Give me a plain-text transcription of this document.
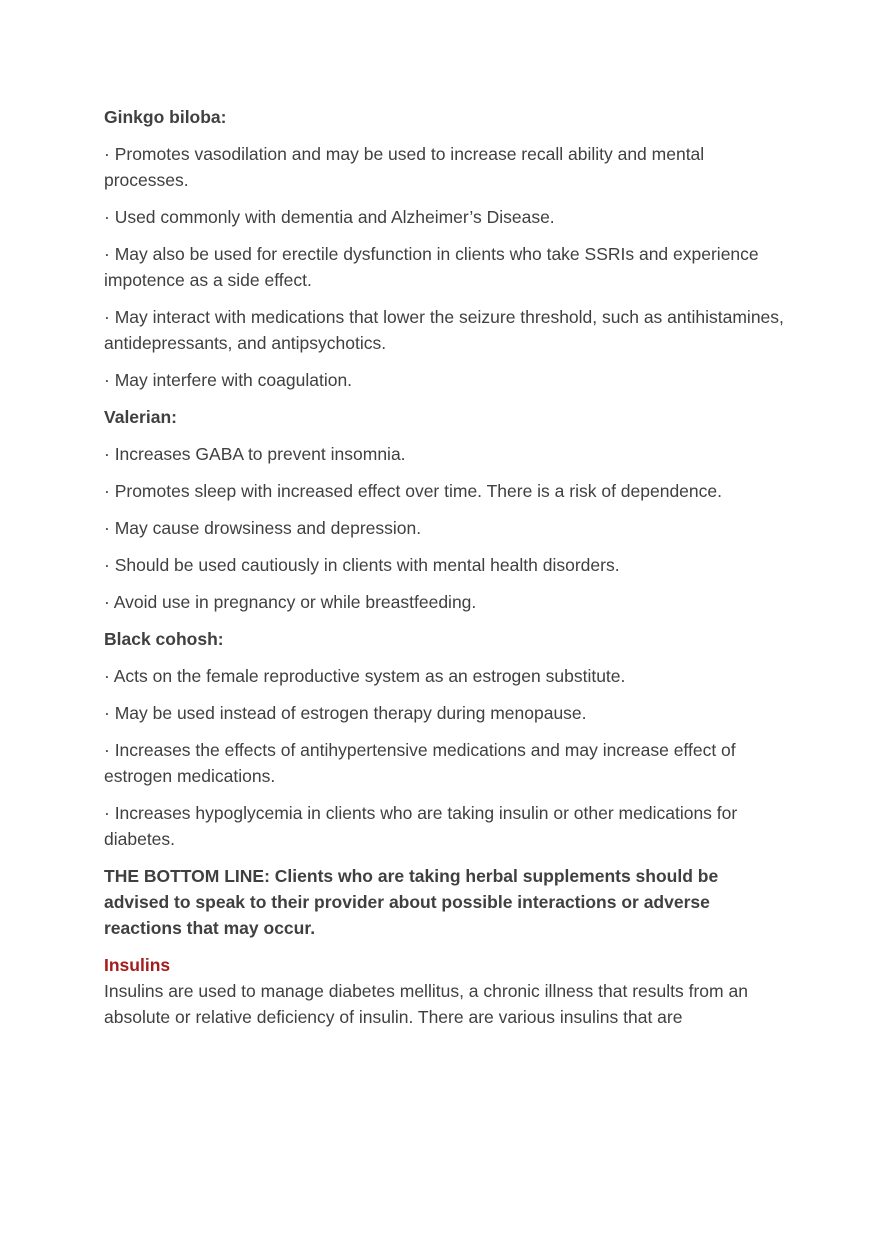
Ginkgo biloba:

· Promotes vasodilation and may be used to increase recall ability and mental processes.

· Used commonly with dementia and Alzheimer’s Disease.

· May also be used for erectile dysfunction in clients who take SSRIs and experience impotence as a side effect.

· May interact with medications that lower the seizure threshold, such as antihistamines, antidepressants, and antipsychotics.

· May interfere with coagulation.

Valerian:

· Increases GABA to prevent insomnia.

· Promotes sleep with increased effect over time. There is a risk of dependence.

· May cause drowsiness and depression.

· Should be used cautiously in clients with mental health disorders.

· Avoid use in pregnancy or while breastfeeding.

Black cohosh:

· Acts on the female reproductive system as an estrogen substitute.

· May be used instead of estrogen therapy during menopause.

· Increases the effects of antihypertensive medications and may increase effect of estrogen medications.

· Increases hypoglycemia in clients who are taking insulin or other medications for diabetes.

THE BOTTOM LINE: Clients who are taking herbal supplements should be advised to speak to their provider about possible interactions or adverse reactions that may occur.

Insulins

Insulins are used to manage diabetes mellitus, a chronic illness that results from an absolute or relative deficiency of insulin. There are various insulins that are
